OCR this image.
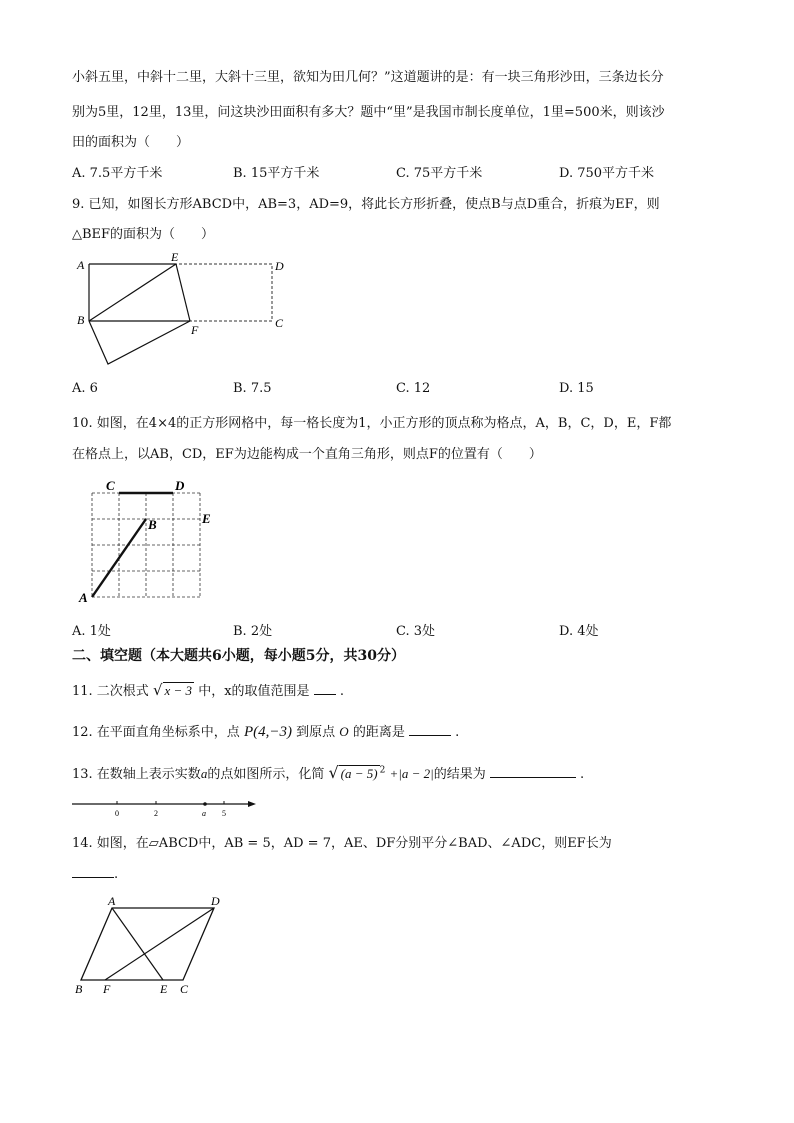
小斜五里，中斜十二里，大斜十三里，欲知为田几何？”这道题讲的是：有一块三角形沙田，三条边长分
别为5里，12里，13里，问这块沙田面积有多大？题中“里”是我国市制长度单位，1里=500米，则该沙
田的面积为（　　）
A. 7.5平方千米	B. 15平方千米	C. 75平方千米	D. 750平方千米
9. 已知，如图长方形ABCD中，AB=3，AD=9，将此长方形折叠，使点B与点D重合，折痕为EF，则
△BEF的面积为（　　）
A
E
D
B
F	C
A. 6	B. 7.5	C. 12	D. 15
10. 如图，在4×4的正方形网格中，每一格长度为1，小正方形的顶点称为格点，A，B，C，D，E，F都
在格点上，以AB，CD，EF为边能构成一个直角三角形，则点F的位置有（　　）
C	D
B	E
A
A. 1处	B. 2处	C. 3处	D. 4处
二、填空题（本大题共6小题，每小题5分，共30分）
11. 二次根式 √ x − 3 中，x的取值范围是 .
12. 在平面直角坐标系中，点 P(4,−3) 到原点 O 的距离是	.
13. 在数轴上表示实数a的点如图所示，化简 √ (a − 5) $^2$ +|a − 2|的结果为	.
0	2	a 5
14. 如图，在▱ABCD中，AB = 5，AD = 7，AE、DF分别平分∠BAD、∠ADC，则EF长为
.
A	D
B F	E C
